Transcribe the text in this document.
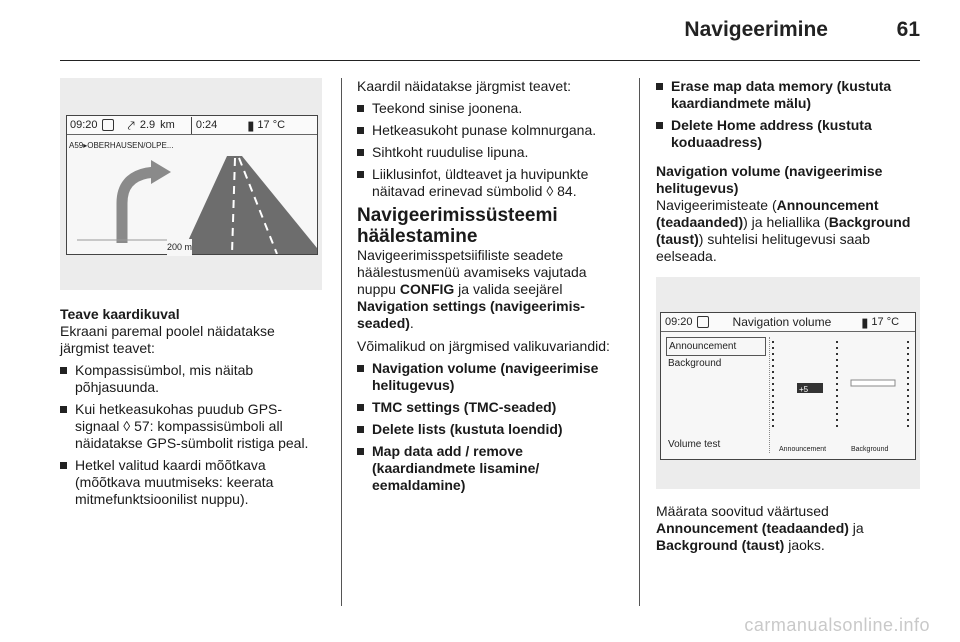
Navigeerimine	61
09:20 ⤤ 2.9 km	0:24 ▮ 17 °C
A59▸OBERHAUSEN/OLPE...
200 m

Teave kaardikuval

Ekraani paremal poolel näidatakse järgmist teavet:

Kompassisümbol, mis näitab põhjasuunda.
Kui hetkeasukohas puudub GPS-signaal ◊ 57: kompassisümboli all näidatakse GPS-sümbolit ristiga peal.
Hetkel valitud kaardi mõõtkava (mõõtkava muutmiseks: keerata mitmefunktsioonilist nuppu).

Kaardil näidatakse järgmist teavet:

Teekond sinise joonena.
Hetkeasukoht punase kolmnurgana.
Sihtkoht ruudulise lipuna.
Liiklusinfot, üldteavet ja huvipunkte näitavad erinevad sümbolid ◊ 84.

Navigeerimissüsteemi häälestamine

Navigeerimisspetsiifiliste seadete häälestusmenüü avamiseks vajutada nuppu CONFIG ja valida seejärel Navigation settings (navigeerimis-seaded).

Võimalikud on järgmised valikuvariandid:

Navigation volume (navigeerimise helitugevus)
TMC settings (TMC-seaded)
Delete lists (kustuta loendid)
Map data add / remove (kaardiandmete lisamine/ eemaldamine)
Erase map data memory (kustuta kaardiandmete mälu)
Delete Home address (kustuta koduaadress)

Navigation volume (navigeerimise helitugevus)

Navigeerimisteate (Announcement (teadaanded)) ja heliallika (Background (taust)) suhtelisi helitugevusi saab eelseada.

09:20	Navigation volume ▮ 17 °C
Announcement
Background
Volume test
+5
Announcement	Background

Määrata soovitud väärtused Announcement (teadaanded) ja Background (taust) jaoks.

carmanualsonline.info
